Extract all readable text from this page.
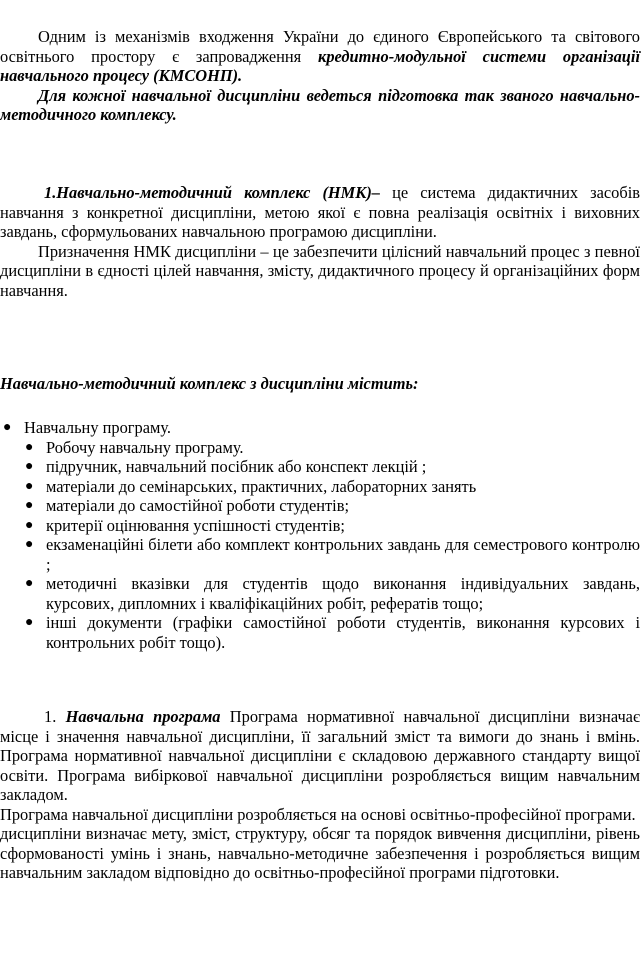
Одним із механізмів входження України до єдиного Європейського та світового освітнього простору є запровадження кредитно-модульної системи організації навчального процесу (КМСОНП).

Для кожної навчальної дисципліни ведеться підготовка так званого навчально-методичного комплексу.

1.Навчально-методичний комплекс (НМК)– це система дидактичних засобів навчання з конкретної дисципліни, метою якої є повна реалізація освітніх і виховних завдань, сформульованих навчальною програмою дисципліни.

Призначення НМК дисципліни – це забезпечити цілісний навчальний процес з певної дисципліни в єдності цілей навчання, змісту, дидактичного процесу й організаційних форм навчання.

Навчально-методичний комплекс з дисципліни містить:

● Навчальну програму.
● Робочу навчальну програму.
● підручник, навчальний посібник або конспект лекцій ;
● матеріали до семінарських, практичних, лабораторних занять
● матеріали до самостійної роботи студентів;
● критерії оцінювання успішності студентів;
● екзаменаційні білети або комплект контрольних завдань для семестрового контролю ;
● методичні вказівки для студентів щодо виконання індивідуальних завдань, курсових, дипломних і кваліфікаційних робіт, рефератів тощо;
● інші документи (графіки самостійної роботи студентів, виконання курсових і контрольних робіт тощо).

1. Навчальна програма Програма нормативної навчальної дисципліни визначає місце і значення навчальної дисципліни, її загальний зміст та вимоги до знань і вмінь. Програма нормативної навчальної дисципліни є складовою державного стандарту вищої освіти. Програма вибіркової навчальної дисципліни розробляється вищим навчальним закладом.

Програма навчальної дисципліни розробляється на основі освітньо-професійної програми.

дисципліни визначає мету, зміст, структуру, обсяг та порядок вивчення дисципліни, рівень сформованості умінь і знань, навчально-методичне забезпечення і розробляється вищим навчальним закладом відповідно до освітньо-професійної програми підготовки.
